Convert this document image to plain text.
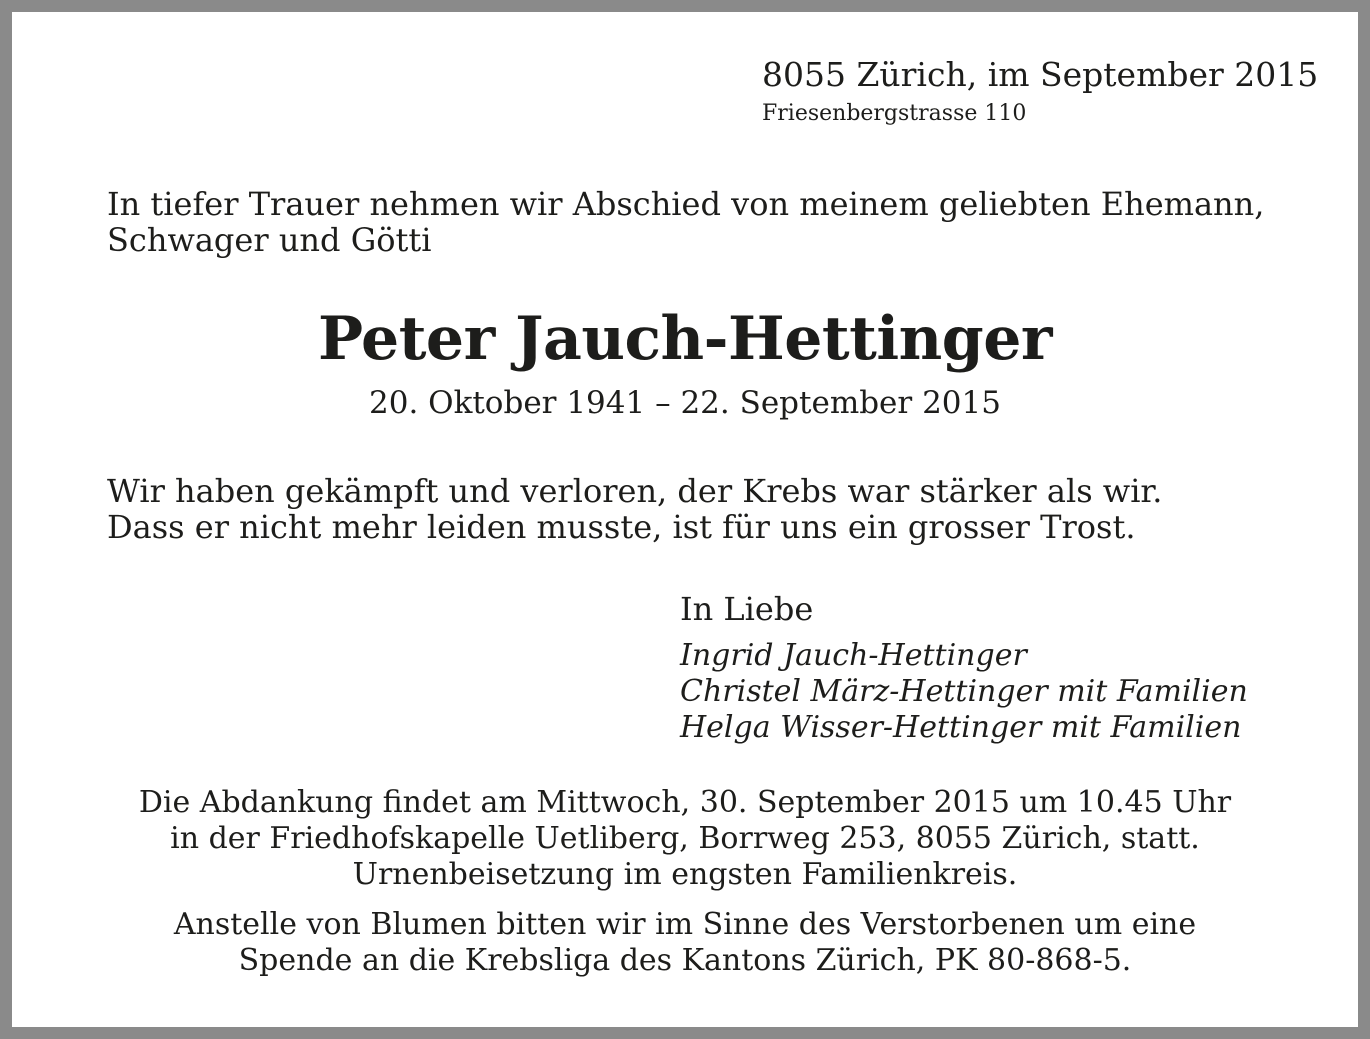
8055 Zürich, im September 2015
Friesenbergstrasse 110
In tiefer Trauer nehmen wir Abschied von meinem geliebten Ehemann,
Schwager und Götti
Peter Jauch-Hettinger
20. Oktober 1941 – 22. September 2015
Wir haben gekämpft und verloren, der Krebs war stärker als wir.
Dass er nicht mehr leiden musste, ist für uns ein grosser Trost.
In Liebe
Ingrid Jauch-Hettinger
Christel März-Hettinger mit Familien
Helga Wisser-Hettinger mit Familien
Die Abdankung findet am Mittwoch, 30. September 2015 um 10.45 Uhr
in der Friedhofskapelle Uetliberg, Borrweg 253, 8055 Zürich, statt.
Urnenbeisetzung im engsten Familienkreis.
Anstelle von Blumen bitten wir im Sinne des Verstorbenen um eine
Spende an die Krebsliga des Kantons Zürich, PK 80-868-5.
